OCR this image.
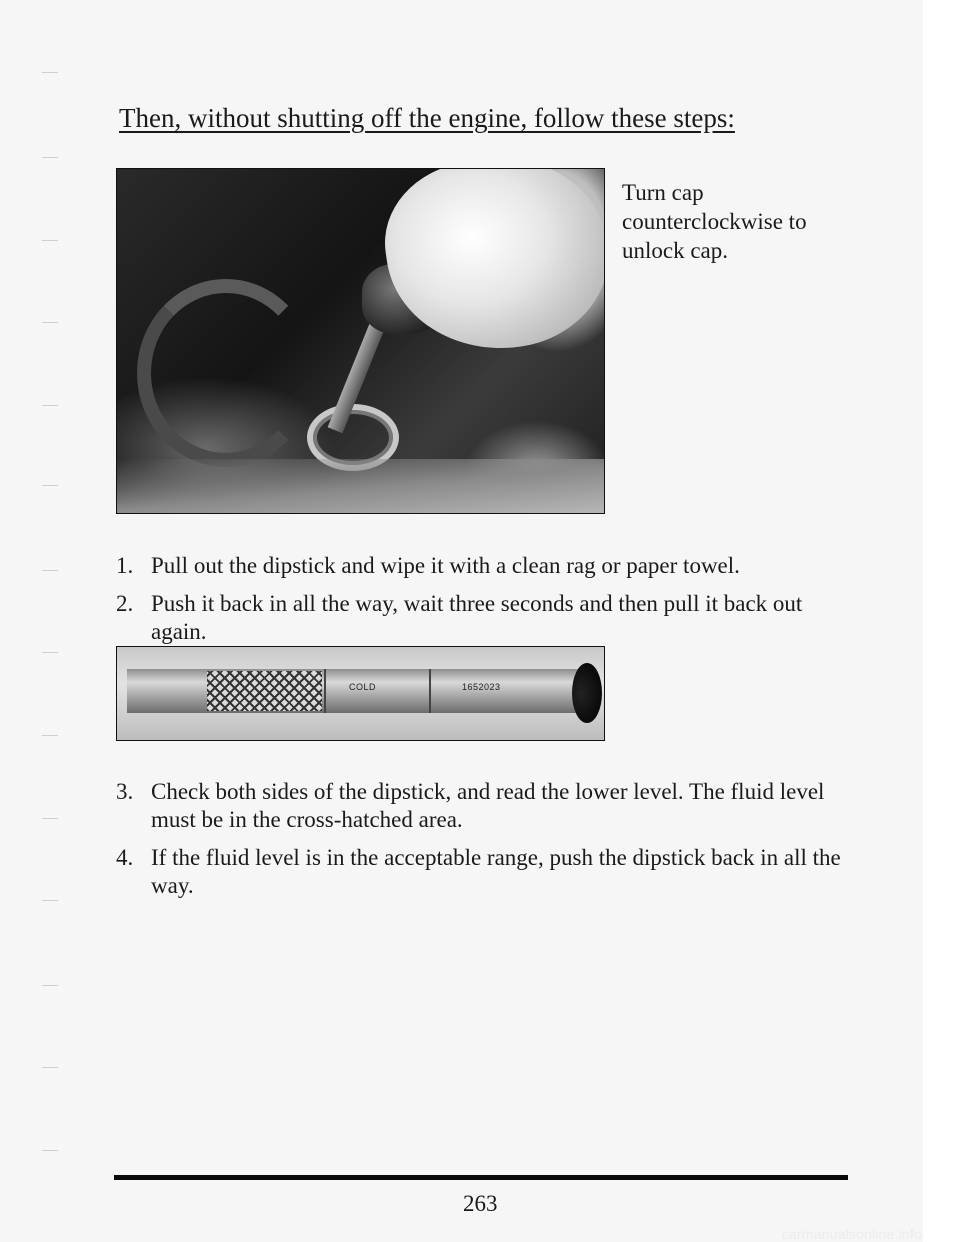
Then, without shutting off the engine, follow these steps:

Turn cap counterclockwise to unlock cap.

1. Pull out the dipstick and wipe it with a clean rag or paper towel.
2. Push it back in all the way, wait three seconds and then pull it back out again.
COLD	1652023
3. Check both sides of the dipstick, and read the lower level. The fluid level must be in the cross-hatched area.
4. If the fluid level is in the acceptable range, push the dipstick back in all the way.
263
carmanualsonline.info
